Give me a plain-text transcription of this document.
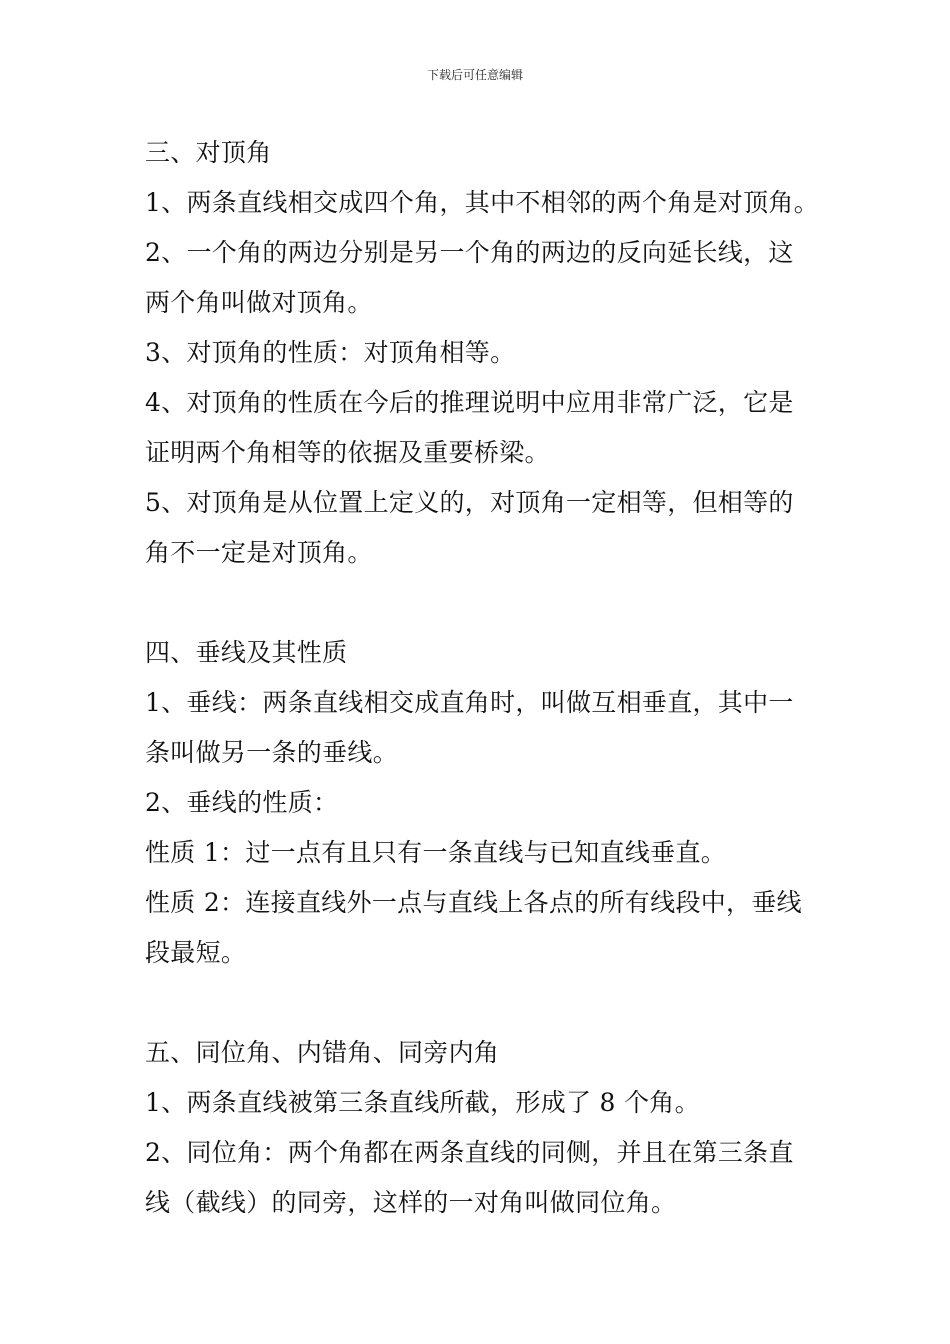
下载后可任意编辑
三、对顶角
1、两条直线相交成四个角，其中不相邻的两个角是对顶角。
2、一个角的两边分别是另一个角的两边的反向延长线，这
两个角叫做对顶角。
3、对顶角的性质：对顶角相等。
4、对顶角的性质在今后的推理说明中应用非常广泛，它是
证明两个角相等的依据及重要桥梁。
5、对顶角是从位置上定义的，对顶角一定相等，但相等的
角不一定是对顶角。
四、垂线及其性质
1、垂线：两条直线相交成直角时，叫做互相垂直，其中一
条叫做另一条的垂线。
2、垂线的性质：
性质 1：过一点有且只有一条直线与已知直线垂直。
性质 2：连接直线外一点与直线上各点的所有线段中，垂线
段最短。
五、同位角、内错角、同旁内角
1、两条直线被第三条直线所截，形成了 8 个角。
2、同位角：两个角都在两条直线的同侧，并且在第三条直
线（截线）的同旁，这样的一对角叫做同位角。
